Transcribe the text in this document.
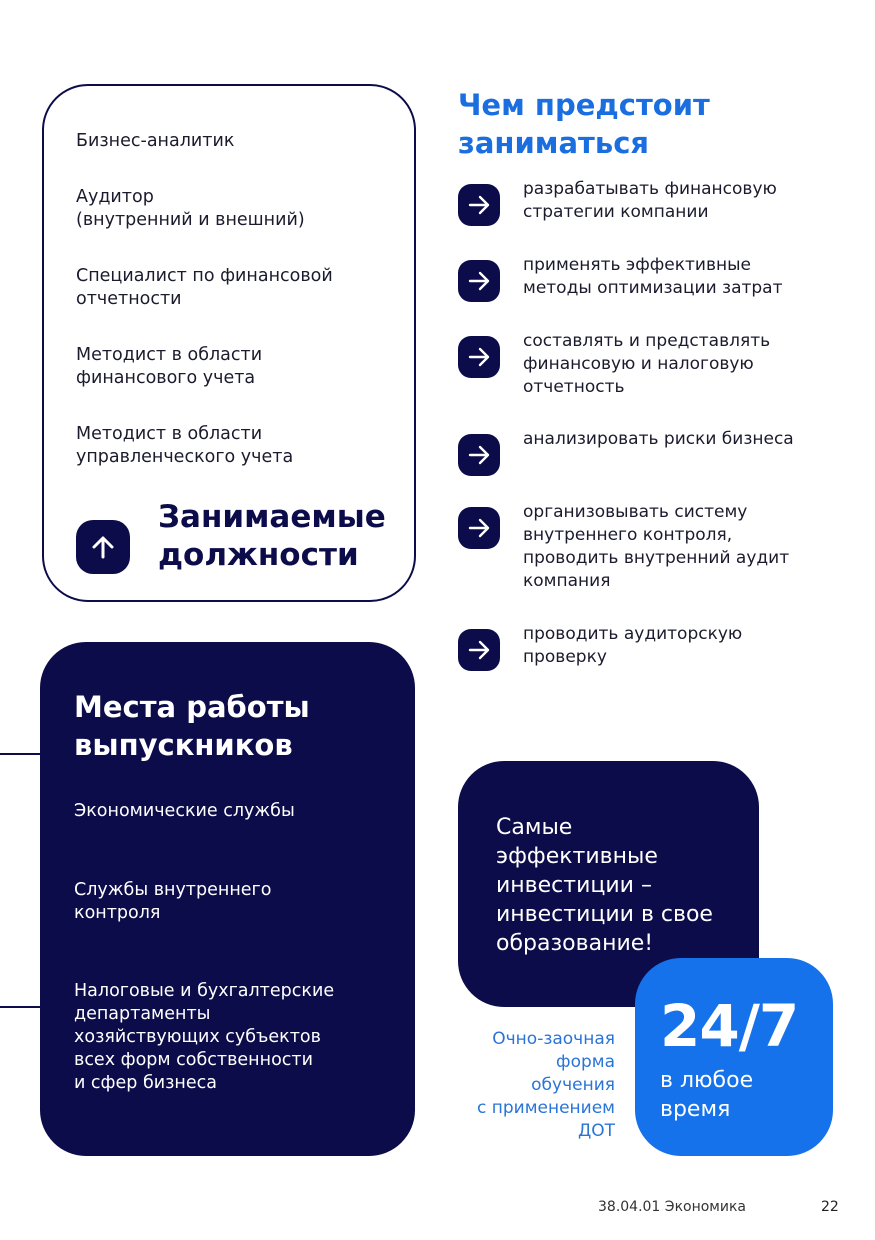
Бизнес-аналитик
Аудитор
(внутренний и внешний)
Специалист по финансовой
отчетности
Методист в области
финансового учета
Методист в области
управленческого учета
Занимаемые
должности
Чем предстоит
заниматься
разрабатывать финансовую
стратегии компании
применять эффективные
методы оптимизации затрат
составлять и представлять
финансовую и налоговую
отчетность
анализировать риски бизнеса
организовывать систему
внутреннего контроля,
проводить внутренний аудит
компания
проводить аудиторскую
проверку
Места работы
выпускников
Экономические службы
Службы внутреннего
контроля
Налоговые и бухгалтерские
департаменты
хозяйствующих субъектов
всех форм собственности
и сфер бизнеса
Самые
эффективные
инвестиции –
инвестиции в свое
образование!
24/7
в любое
время
Очно-заочная
форма
обучения
с применением
ДОТ
38.04.01 Экономика	22
